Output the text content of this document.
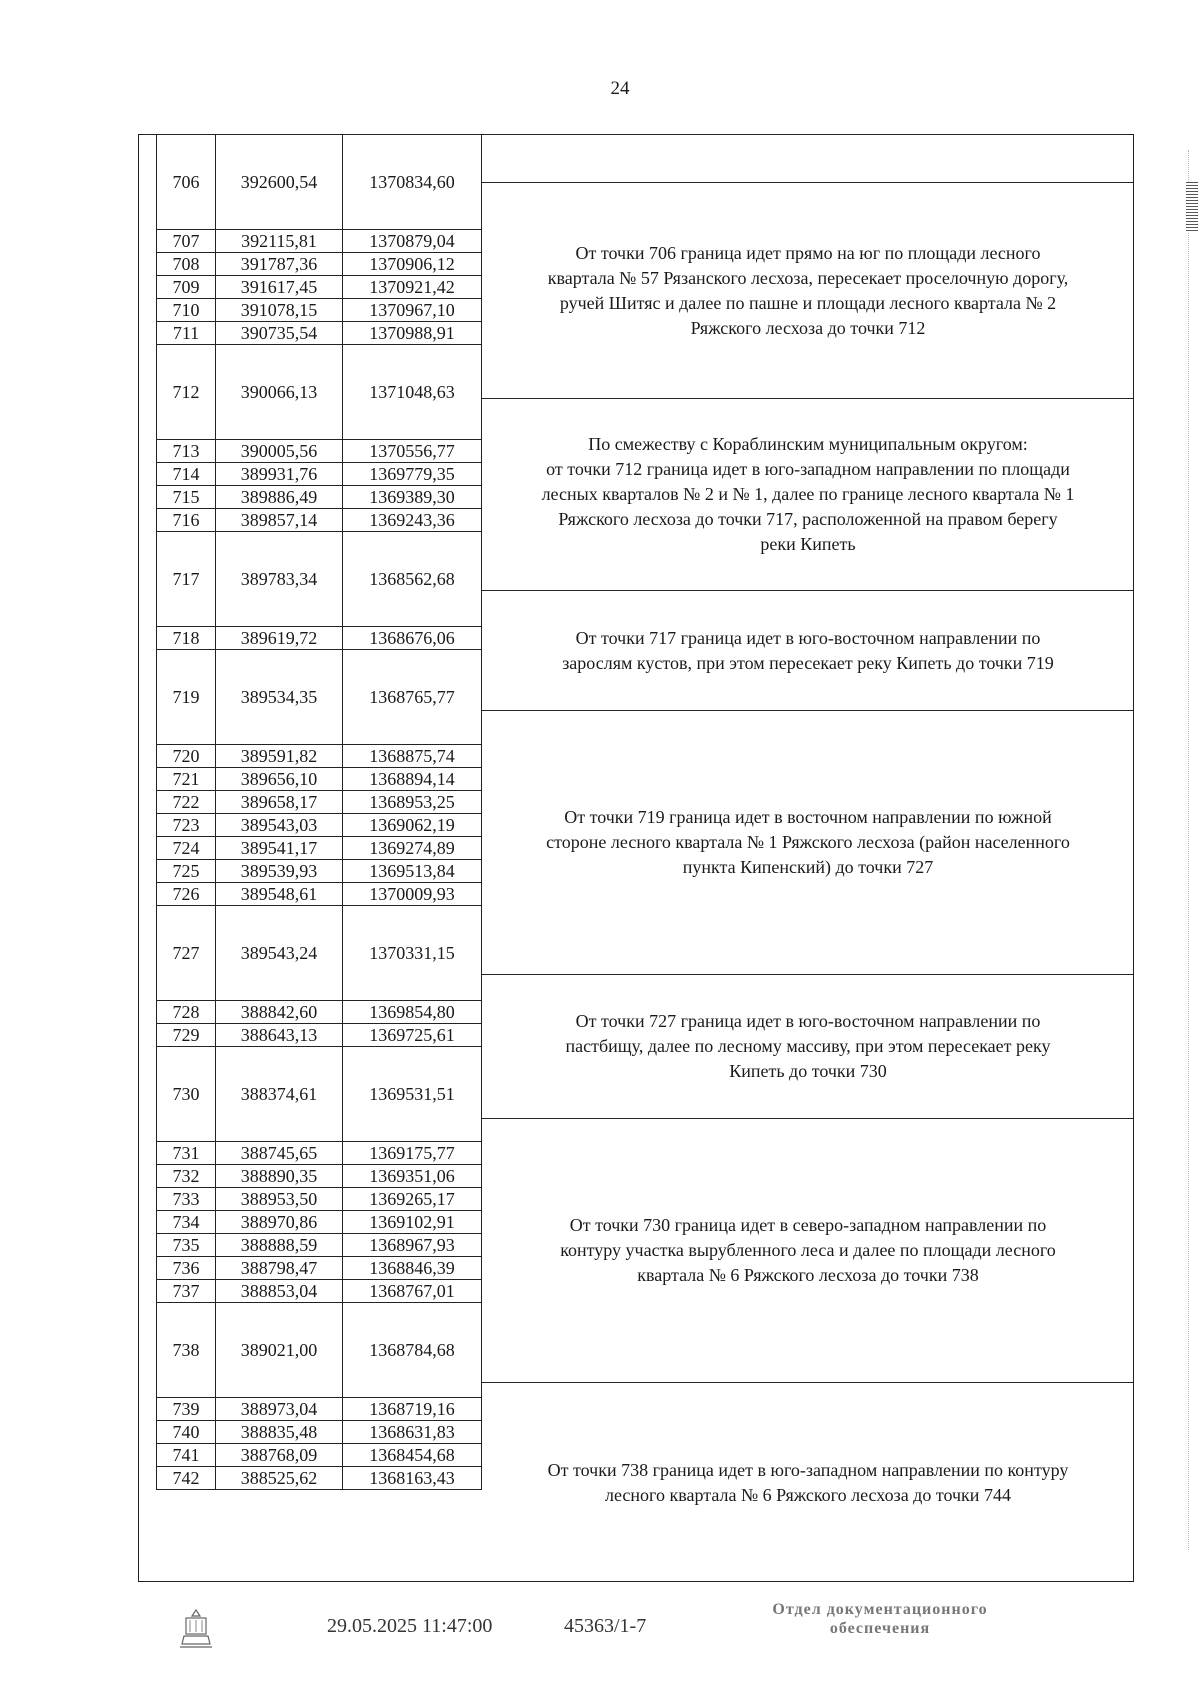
24
706	392600,54	1370834,60
707	392115,81	1370879,04
708	391787,36	1370906,12
709	391617,45	1370921,42
710	391078,15	1370967,10
711	390735,54	1370988,91
712	390066,13	1371048,63
713	390005,56	1370556,77
714	389931,76	1369779,35
715	389886,49	1369389,30
716	389857,14	1369243,36
717	389783,34	1368562,68
718	389619,72	1368676,06
719	389534,35	1368765,77
720	389591,82	1368875,74
721	389656,10	1368894,14
722	389658,17	1368953,25
723	389543,03	1369062,19
724	389541,17	1369274,89
725	389539,93	1369513,84
726	389548,61	1370009,93
727	389543,24	1370331,15
728	388842,60	1369854,80
729	388643,13	1369725,61
730	388374,61	1369531,51
731	388745,65	1369175,77
732	388890,35	1369351,06
733	388953,50	1369265,17
734	388970,86	1369102,91
735	388888,59	1368967,93
736	388798,47	1368846,39
737	388853,04	1368767,01
738	389021,00	1368784,68
739	388973,04	1368719,16
740	388835,48	1368631,83
741	388768,09	1368454,68
742	388525,62	1368163,43
От точки 706 граница идет прямо на юг по площади лесного
квартала № 57 Рязанского лесхоза, пересекает проселочную дорогу,
ручей Шитяс и далее по пашне и площади лесного квартала № 2
Ряжского лесхоза до точки 712
По смежеству с Кораблинским муниципальным округом:
от точки 712 граница идет в юго-западном направлении по площади
лесных кварталов № 2 и № 1, далее по границе лесного квартала № 1
Ряжского лесхоза до точки 717, расположенной на правом берегу
реки Кипеть
От точки 717 граница идет в юго-восточном направлении по
зарослям кустов, при этом пересекает реку Кипеть до точки 719
От точки 719 граница идет в восточном направлении по южной
стороне лесного квартала № 1 Ряжского лесхоза (район населенного
пункта Кипенский) до точки 727
От точки 727 граница идет в юго-восточном направлении по
пастбищу, далее по лесному массиву, при этом пересекает реку
Кипеть до точки 730
От точки 730 граница идет в северо-западном направлении по
контуру участка вырубленного леса и далее по площади лесного
квартала № 6 Ряжского лесхоза до точки 738
От точки 738 граница идет в юго-западном направлении по контуру
лесного квартала № 6 Ряжского лесхоза до точки 744
29.05.2025 11:47:00	45363/1-7
Отдел документационного
обеспечения
